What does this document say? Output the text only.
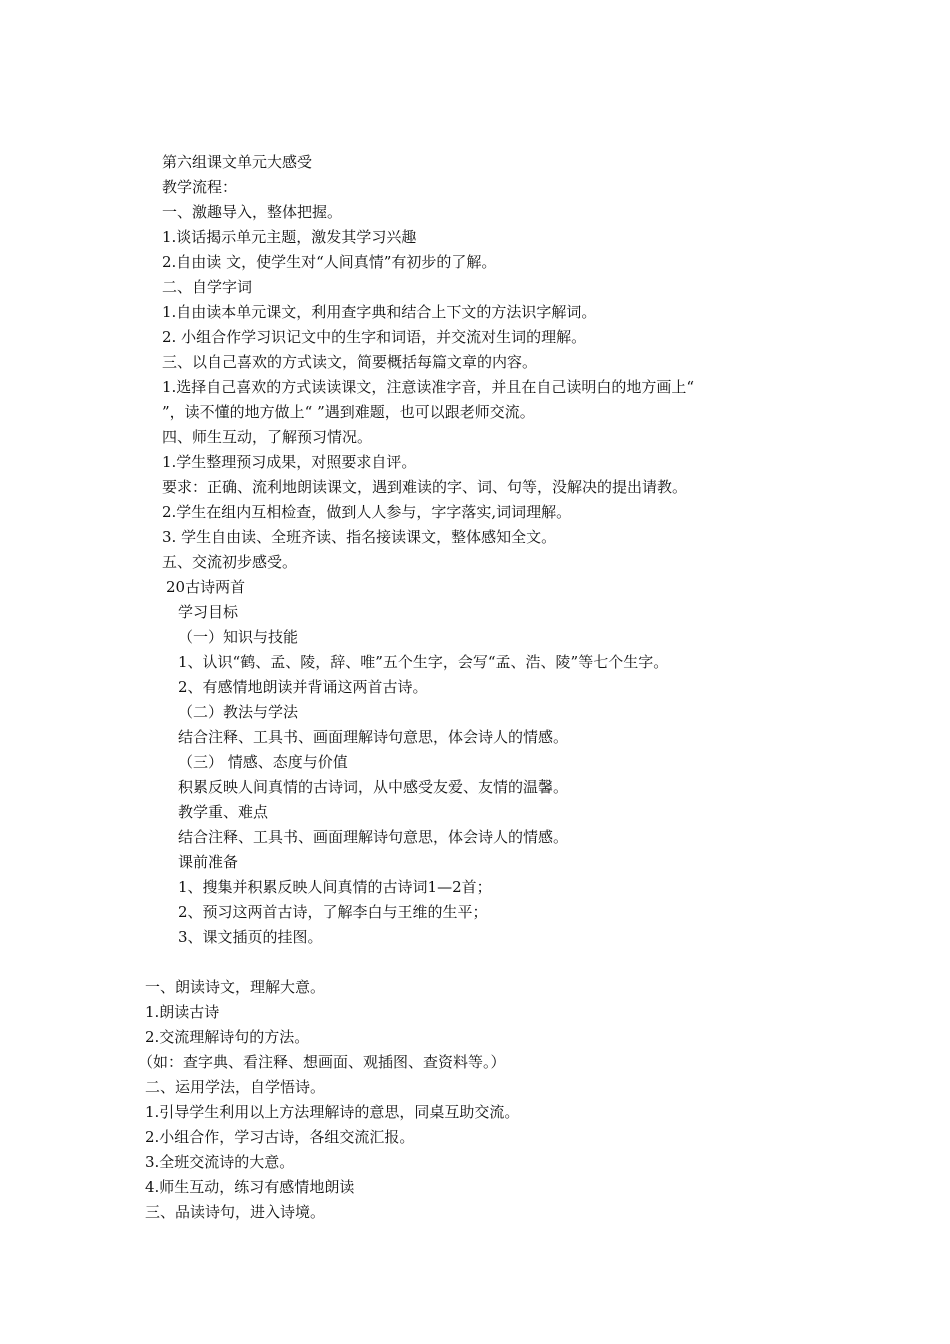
第六组课文单元大感受
教学流程：
一、激趣导入，整体把握。
1.谈话揭示单元主题，激发其学习兴趣
2.自由读 文，使学生对“人间真情”有初步的了解。
二、自学字词
1.自由读本单元课文，利用查字典和结合上下文的方法识字解词。
2. 小组合作学习识记文中的生字和词语，并交流对生词的理解。
三、以自己喜欢的方式读文，简要概括每篇文章的内容。
1.选择自己喜欢的方式读读课文，注意读准字音，并且在自己读明白的地方画上“
”，读不懂的地方做上“ ”遇到难题，也可以跟老师交流。
四、师生互动，了解预习情况。
1.学生整理预习成果，对照要求自评。
要求：正确、流利地朗读课文，遇到难读的字、词、句等，没解决的提出请教。
2.学生在组内互相检查，做到人人参与，字字落实,词词理解。
3. 学生自由读、全班齐读、指名接读课文，整体感知全文。
五、交流初步感受。
20古诗两首
学习目标
（一）知识与技能
1、认识“鹤、孟、陵，辞、唯”五个生字，会写“孟、浩、陵”等七个生字。
2、有感情地朗读并背诵这两首古诗。
（二）教法与学法
结合注释、工具书、画面理解诗句意思，体会诗人的情感。
（三） 情感、态度与价值
积累反映人间真情的古诗词，从中感受友爱、友情的温馨。
教学重、难点
结合注释、工具书、画面理解诗句意思，体会诗人的情感。
课前准备
1、搜集并积累反映人间真情的古诗词1—2首；
2、预习这两首古诗，了解李白与王维的生平；
3、课文插页的挂图。
一、朗读诗文，理解大意。
1.朗读古诗
2.交流理解诗句的方法。
（如：查字典、看注释、想画面、观插图、查资料等。）
二、运用学法，自学悟诗。
1.引导学生利用以上方法理解诗的意思，同桌互助交流。
2.小组合作，学习古诗，各组交流汇报。
3.全班交流诗的大意。
4.师生互动，练习有感情地朗读
三、品读诗句，进入诗境。
